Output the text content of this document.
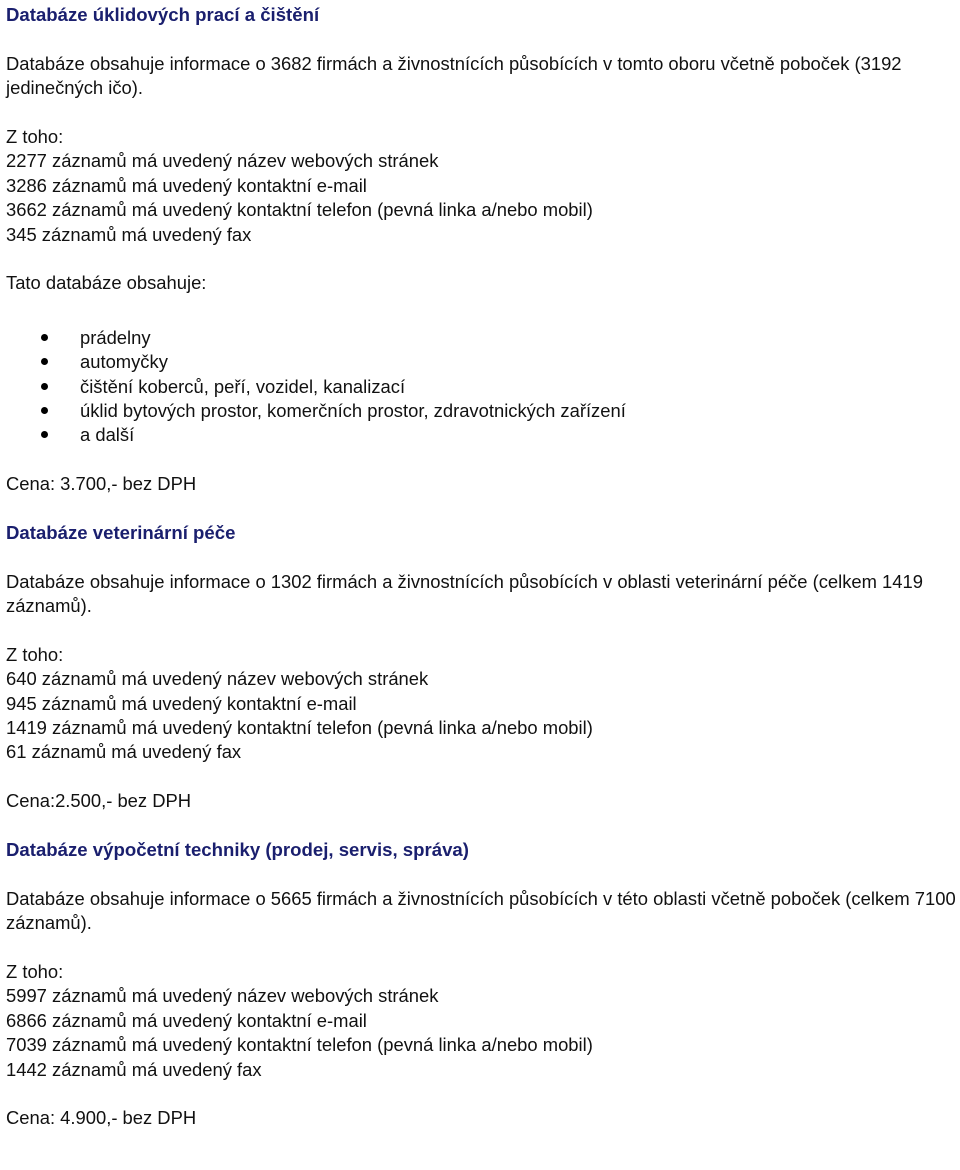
Databáze úklidových prací a čištění
Databáze obsahuje informace o 3682 firmách a živnostnících působících v tomto oboru včetně poboček (3192 jedinečných ičo).
Z toho:
2277 záznamů má uvedený název webových stránek
3286 záznamů má uvedený kontaktní e-mail
3662 záznamů má uvedený kontaktní telefon (pevná linka a/nebo mobil)
345 záznamů má uvedený fax
Tato databáze obsahuje:
prádelny
automyčky
čištění koberců, peří, vozidel, kanalizací
úklid bytových prostor, komerčních prostor, zdravotnických zařízení
a další
Cena: 3.700,- bez DPH
Databáze veterinární péče
Databáze obsahuje informace o 1302 firmách a živnostnících působících v oblasti veterinární péče (celkem 1419 záznamů).
Z toho:
640 záznamů má uvedený název webových stránek
945 záznamů má uvedený kontaktní e-mail
1419 záznamů má uvedený kontaktní telefon (pevná linka a/nebo mobil)
61 záznamů má uvedený fax
Cena:2.500,- bez DPH
Databáze výpočetní techniky (prodej, servis, správa)
Databáze obsahuje informace o 5665 firmách a živnostnících působících v této oblasti včetně poboček (celkem 7100 záznamů).
Z toho:
5997 záznamů má uvedený název webových stránek
6866 záznamů má uvedený kontaktní e-mail
7039 záznamů má uvedený kontaktní telefon (pevná linka a/nebo mobil)
1442 záznamů má uvedený fax
Cena: 4.900,- bez DPH
